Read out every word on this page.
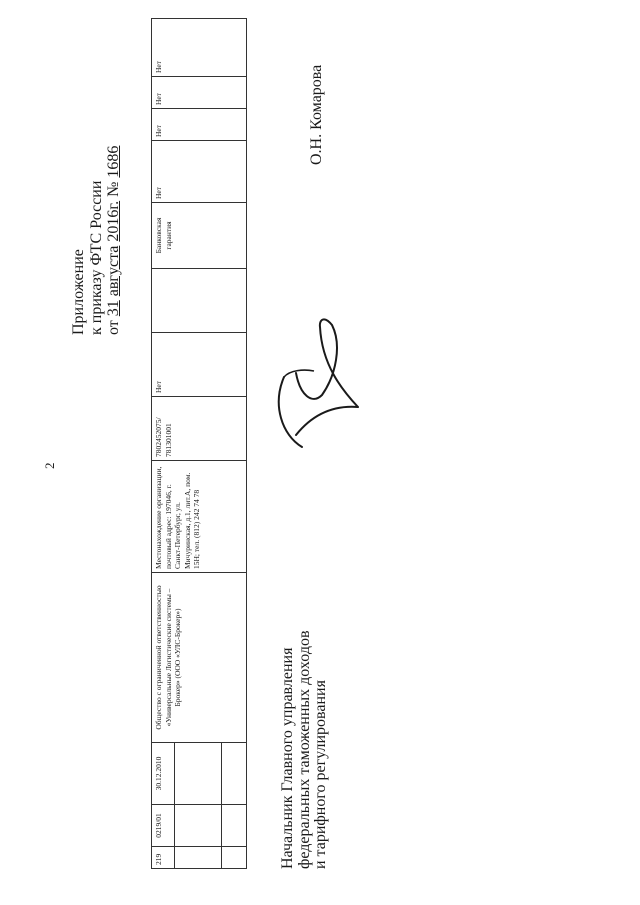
2
Приложение к приказу ФТС России от 31 августа 2016г. № 1686
219	0219/01	30.12.2010	Общество с ограниченной ответственностью «Универсальные Логистические системы – Брокер» (ООО «УЛС-Брокер»)	Местонахождение организации, почтовый адрес: 197046, г. Санкт-Петербург, ул. Мичуринская, д.1, лит.А, пом. 15Н; тел. (812) 242 74 78	7802452075/ 781301001	Нет		Банковская гарантия	Нет	Нет	Нет	Нет

Начальник Главного управления федеральных таможенных доходов и тарифного регулирования
О.Н. Комарова
